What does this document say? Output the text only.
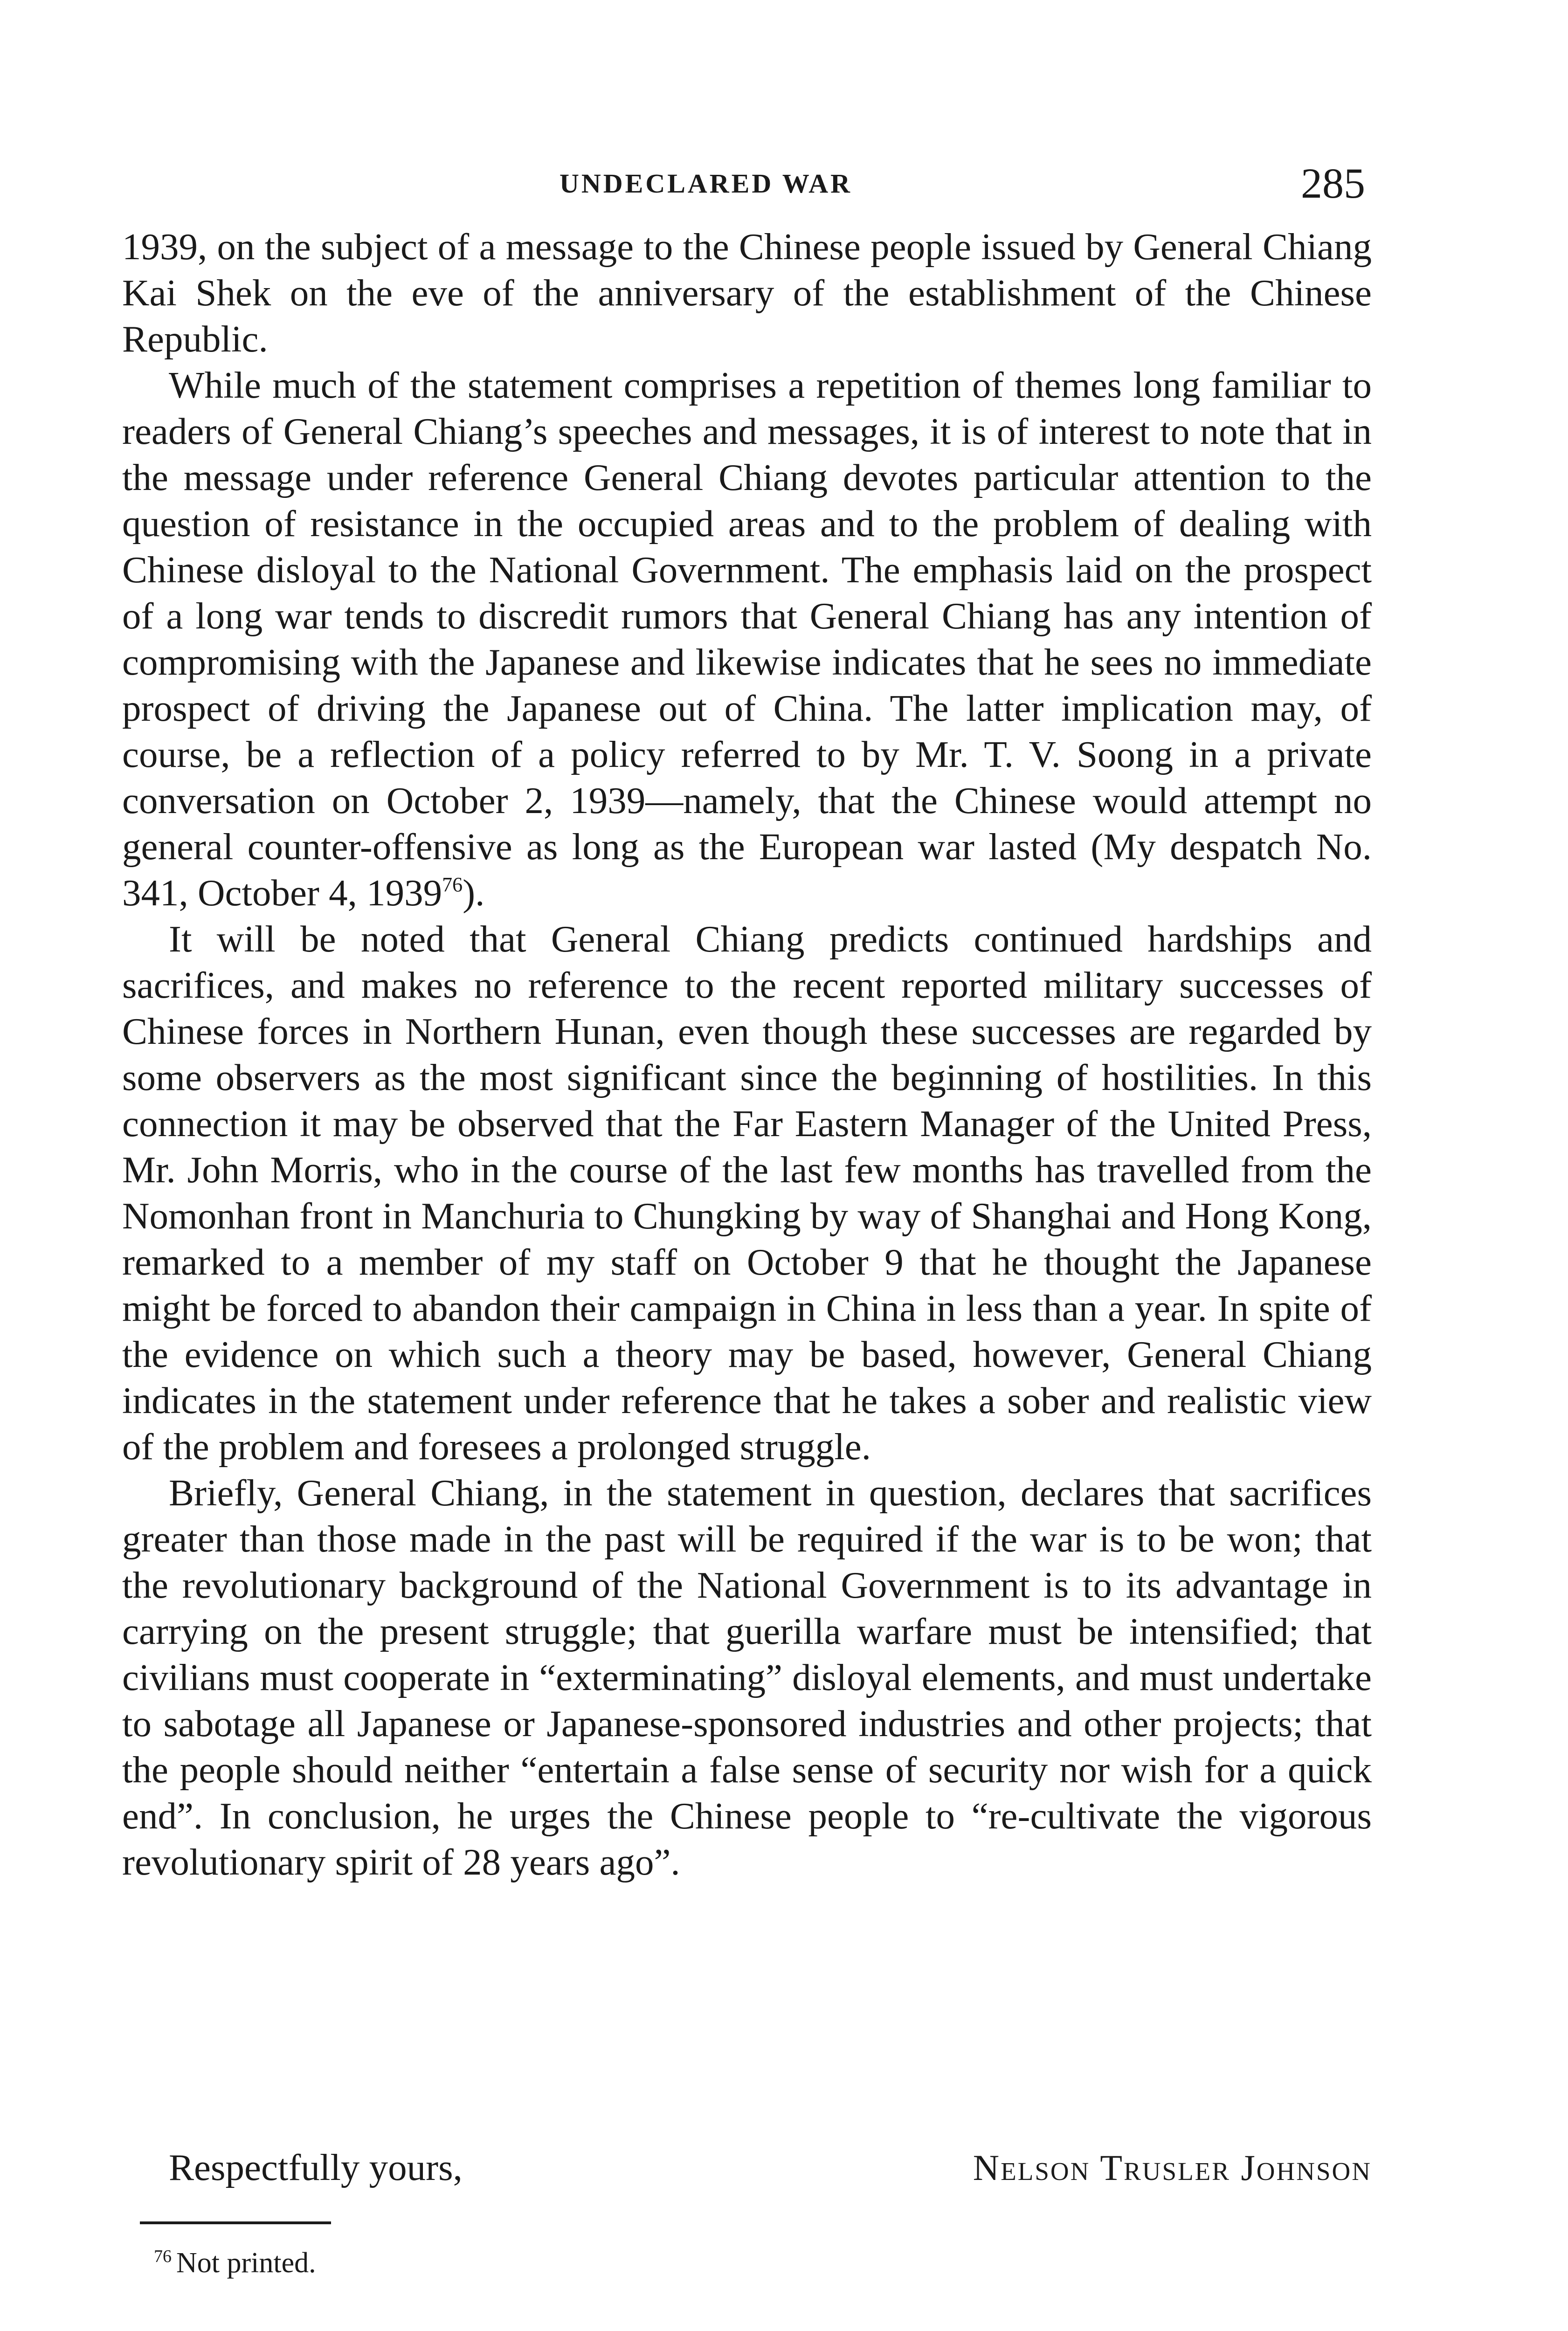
UNDECLARED WAR	285

1939, on the subject of a message to the Chinese people issued by General Chiang Kai Shek on the eve of the anniversary of the establishment of the Chinese Republic.

While much of the statement comprises a repetition of themes long familiar to readers of General Chiang’s speeches and messages, it is of interest to note that in the message under reference General Chiang devotes particular attention to the question of resistance in the occupied areas and to the problem of dealing with Chinese disloyal to the National Government. The emphasis laid on the prospect of a long war tends to discredit rumors that General Chiang has any intention of compromising with the Japanese and likewise indicates that he sees no immediate prospect of driving the Japanese out of China. The latter implication may, of course, be a reflection of a policy referred to by Mr. T. V. Soong in a private conversation on October 2, 1939—namely, that the Chinese would attempt no general counter-offensive as long as the European war lasted (My despatch No. 341, October 4, 1939$^{76}$).

It will be noted that General Chiang predicts continued hardships and sacrifices, and makes no reference to the recent reported military successes of Chinese forces in Northern Hunan, even though these successes are regarded by some observers as the most significant since the beginning of hostilities. In this connection it may be observed that the Far Eastern Manager of the United Press, Mr. John Morris, who in the course of the last few months has travelled from the Nomonhan front in Manchuria to Chungking by way of Shanghai and Hong Kong, remarked to a member of my staff on October 9 that he thought the Japanese might be forced to abandon their campaign in China in less than a year. In spite of the evidence on which such a theory may be based, however, General Chiang indicates in the statement under reference that he takes a sober and realistic view of the problem and foresees a prolonged struggle.

Briefly, General Chiang, in the statement in question, declares that sacrifices greater than those made in the past will be required if the war is to be won; that the revolutionary background of the National Government is to its advantage in carrying on the present struggle; that guerilla warfare must be intensified; that civilians must cooperate in “exterminating” disloyal elements, and must undertake to sabotage all Japanese or Japanese-sponsored industries and other projects; that the people should neither “entertain a false sense of security nor wish for a quick end”. In conclusion, he urges the Chinese people to “re-cultivate the vigorous revolutionary spirit of 28 years ago”.

Respectfully yours,	Nelson Trusler Johnson
$^{76}$ Not printed.
